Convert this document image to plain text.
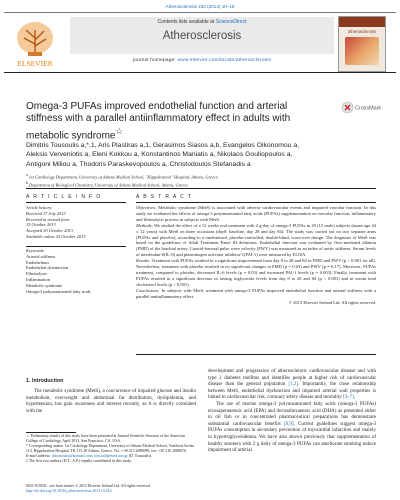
Atherosclerosis 232 (2014) 10–16
ELSEVIER
Contents lists available at ScienceDirect
Atherosclerosis
journal homepage: www.elsevier.com/locate/atherosclerosis
atherosclerosis
Omega-3 PUFAs improved endothelial function and arterial stiffness with a parallel antiinflammatory effect in adults with metabolic syndrome☆
CrossMark
Dimitris Tousoulis a,*,1, Aris Plastiras a,1, Gerasimos Siasos a,b, Evangelos Oikonomou a,
Aleksis Verveniotis a, Eleni Kokkou a, Konstantinos Maniatis a, Nikolaos Gouliopoulos a,
Antigoni Miliou a, Thodoris Paraskevopoulos a, Christodoulos Stefanadis a
$^a$ 1st Cardiology Department, University of Athens Medical School, "Hippokration" Hospital, Athens, Greece
$^b$ Department of Biological Chemistry, University of Athens Medical School, Athens, Greece
A R T I C L E I N F O	A B S T R A C T
Article history:
Received 17 July 2013
Received in revised form
15 October 2013
Accepted 30 October 2013
Available online 25 October 2013
Keywords:
Arterial stiffness
Endothelium
Endothelial dysfunction
Fibrinolysis
Inflammation
Metabolic syndrome
Omega-3 polyunsaturated fatty acids
Objectives: Metabolic syndrome (MetS) is associated with adverse cardiovascular events and impaired vascular function. In this study we evaluated the effects of omega-3 polyunsaturated fatty acids (PUFAs) supplementation on vascular function, inflammatory and fibrinolytic process in subjects with MetS.
Methods: We studied the effect of a 12 weeks oral treatment with 2 g/day of omega-3 PUFAs in 29 (15 male) subjects (mean age 44 ± 12 years) with MetS on three occasions (day0: baseline, day 28 and day 84). The study was carried out on two separate arms (PUFAs and placebo), according to a randomized, placebo-controlled, double-blind, cross-over design. The diagnosis of MetS was based on the guidelines of Adult Treatment Panel III definition. Endothelial function was evaluated by flow-mediated dilation (FMD) of the brachial artery. Carotid-femoral pulse wave velocity (PWV) was measured as an index of aortic stiffness. Serum levels of interleukin-6(IL-6) and plasminogen activator inhibitor-1(PAI-1) were measured by ELISA.
Results: Treatment with PUFAs resulted in a significant improvement from day 0 to 28 and 84 in FMD and PWV (p < 0.001 for all). Nevertheless, treatment with placebo resulted in no significant changes in FMD (p = 0.63) and PWV (p = 0.17). Moreover, PUFAs treatment, compared to placebo, decreased IL-6 levels (p = 0.03) and increased PAI-1 levels (p = 0.003). Finally, treatment with PUFAs resulted in a significant decrease in fasting triglyceride levels from day 0 to 28 and 84 (p < 0.001) and in serum total cholesterol levels (p < 0.001).
Conclusions: In subjects with MetS, treatment with omega-3 PUFAs improved endothelial function and arterial stiffness with a parallel antiinflammatory effect.
© 2013 Elsevier Ireland Ltd. All rights reserved.
1. Introduction
The metabolic syndrome (MetS), a concurrence of impaired glucose and insulin metabolism, overweight and abdominal fat distribution, dyslipidemia, and hypertension, has gain awareness and interest recently, as it is directly correlated with the
development and progression of atherosclerotic cardiovascular disease and with type 2 diabetes mellitus and identifies people at higher risk of cardiovascular disease than the general population [1,2]. Importantly, the close relationship between MetS, endothelial dysfunction and impaired arterial wall properties is linked to cardiovascular risk, coronary artery disease and mortality [3–7].
The use of marine omega-3 polyunsaturated fatty acids (omega-3 PUFAs) eicosapentaenoic acid (EPA) and docosahexaenoic acid (DHA) as presented either in oil fish or in concentrated pharmaceutical preparations has demonstrate substantial cardiovascular benefits [8,9]. Current guidelines suggest omega-3 PUFAs consumption in secondary prevention of myocardial infarction and mainly in hypertriglyceridemia. We have also shown previously that supplementation of healthy smokers with 2 g daily of omega-3 PUFAs can ameliorate smoking induce impairment of arterial
☆ Preliminary results of this study have been presented at Annual Scientific Sessions of the American College of Cardiology, April 2013, San Francisco, CA, USA.
* Corresponding author. 1st Cardiology Department, University of Athens Medical School, Vasilissis Sofias 114, Hippokration Hospital, TK 115 28 Athens, Greece. Tel.: +30 213 2088099; fax: +30 210 2088676.
E-mail address: drtousoulis@hotmail.com, tousouli@med.uoa.gr (D. Tousoulis).
1 The first two authors (D.T., A.P.) equally contributed in this study.
0021-9150/$ – see front matter © 2013 Elsevier Ireland Ltd. All rights reserved.
http://dx.doi.org/10.1016/j.atherosclerosis.2013.10.014
